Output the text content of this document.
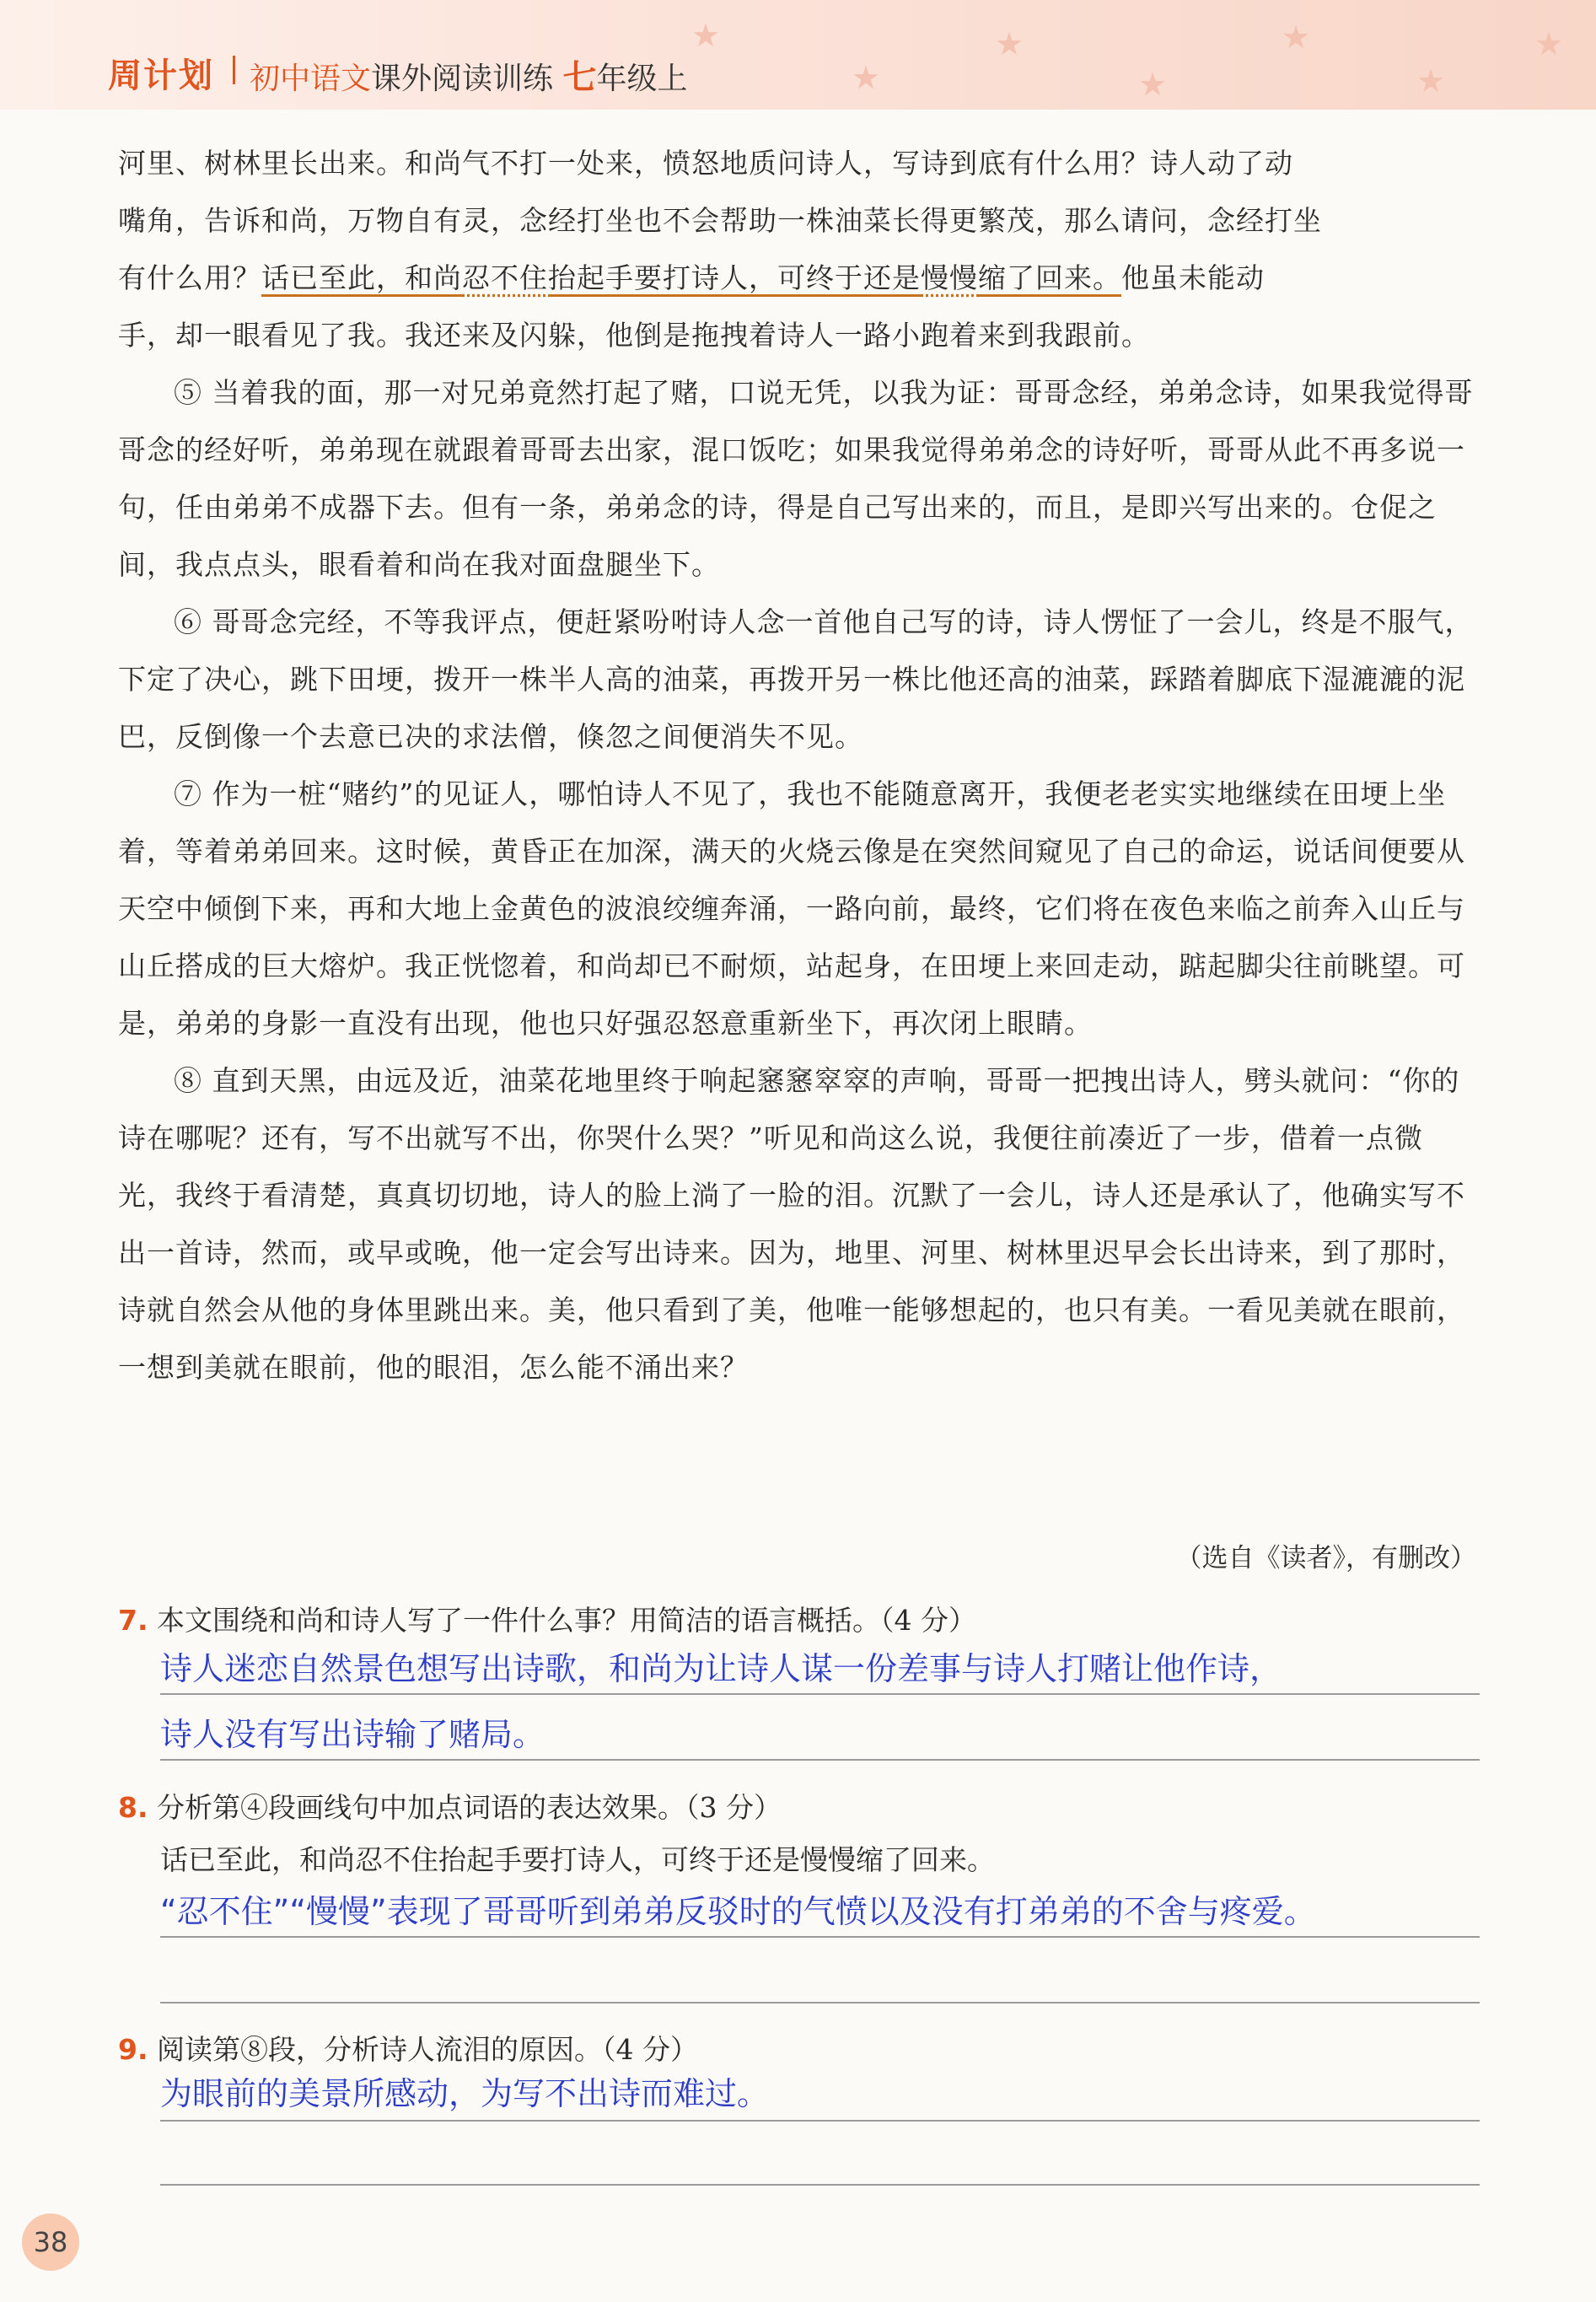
★
★
★
★
★
★
★
周计划 初中语文课外阅读训练 七年级上
河里、树林里长出来。和尚气不打一处来，愤怒地质问诗人，写诗到底有什么用？诗人动了动
嘴角，告诉和尚，万物自有灵，念经打坐也不会帮助一株油菜长得更繁茂，那么请问，念经打坐
有什么用？话已至此，和尚忍不住抬起手要打诗人，可终于还是慢慢缩了回来。他虽未能动
手，却一眼看见了我。我还来及闪躲，他倒是拖拽着诗人一路小跑着来到我跟前。
⑤ 当着我的面，那一对兄弟竟然打起了赌，口说无凭，以我为证：哥哥念经，弟弟念诗，如果我觉得哥哥念的经好听，弟弟现在就跟着哥哥去出家，混口饭吃；如果我觉得弟弟念的诗好听，哥哥从此不再多说一句，任由弟弟不成器下去。但有一条，弟弟念的诗，得是自己写出来的，而且，是即兴写出来的。仓促之间，我点点头，眼看着和尚在我对面盘腿坐下。
⑥ 哥哥念完经，不等我评点，便赶紧吩咐诗人念一首他自己写的诗，诗人愣怔了一会儿，终是不服气，下定了决心，跳下田埂，拨开一株半人高的油菜，再拨开另一株比他还高的油菜，踩踏着脚底下湿漉漉的泥巴，反倒像一个去意已决的求法僧，倏忽之间便消失不见。
⑦ 作为一桩“赌约”的见证人，哪怕诗人不见了，我也不能随意离开，我便老老实实地继续在田埂上坐着，等着弟弟回来。这时候，黄昏正在加深，满天的火烧云像是在突然间窥见了自己的命运，说话间便要从天空中倾倒下来，再和大地上金黄色的波浪绞缠奔涌，一路向前，最终，它们将在夜色来临之前奔入山丘与山丘搭成的巨大熔炉。我正恍惚着，和尚却已不耐烦，站起身，在田埂上来回走动，踮起脚尖往前眺望。可是，弟弟的身影一直没有出现，他也只好强忍怒意重新坐下，再次闭上眼睛。
⑧ 直到天黑，由远及近，油菜花地里终于响起窸窸窣窣的声响，哥哥一把拽出诗人，劈头就问：“你的诗在哪呢？还有，写不出就写不出，你哭什么哭？”听见和尚这么说，我便往前凑近了一步，借着一点微光，我终于看清楚，真真切切地，诗人的脸上淌了一脸的泪。沉默了一会儿，诗人还是承认了，他确实写不出一首诗，然而，或早或晚，他一定会写出诗来。因为，地里、河里、树林里迟早会长出诗来，到了那时，诗就自然会从他的身体里跳出来。美，他只看到了美，他唯一能够想起的，也只有美。一看见美就在眼前，一想到美就在眼前，他的眼泪，怎么能不涌出来？
（选自《读者》，有删改）
7. 本文围绕和尚和诗人写了一件什么事？用简洁的语言概括。（4 分）
诗人迷恋自然景色想写出诗歌，和尚为让诗人谋一份差事与诗人打赌让他作诗，
诗人没有写出诗输了赌局。
8. 分析第④段画线句中加点词语的表达效果。（3 分）
话已至此，和尚忍不住抬起手要打诗人，可终于还是慢慢缩了回来。
“忍不住”“慢慢”表现了哥哥听到弟弟反驳时的气愤以及没有打弟弟的不舍与疼爱。
9. 阅读第⑧段，分析诗人流泪的原因。（4 分）
为眼前的美景所感动，为写不出诗而难过。
38
